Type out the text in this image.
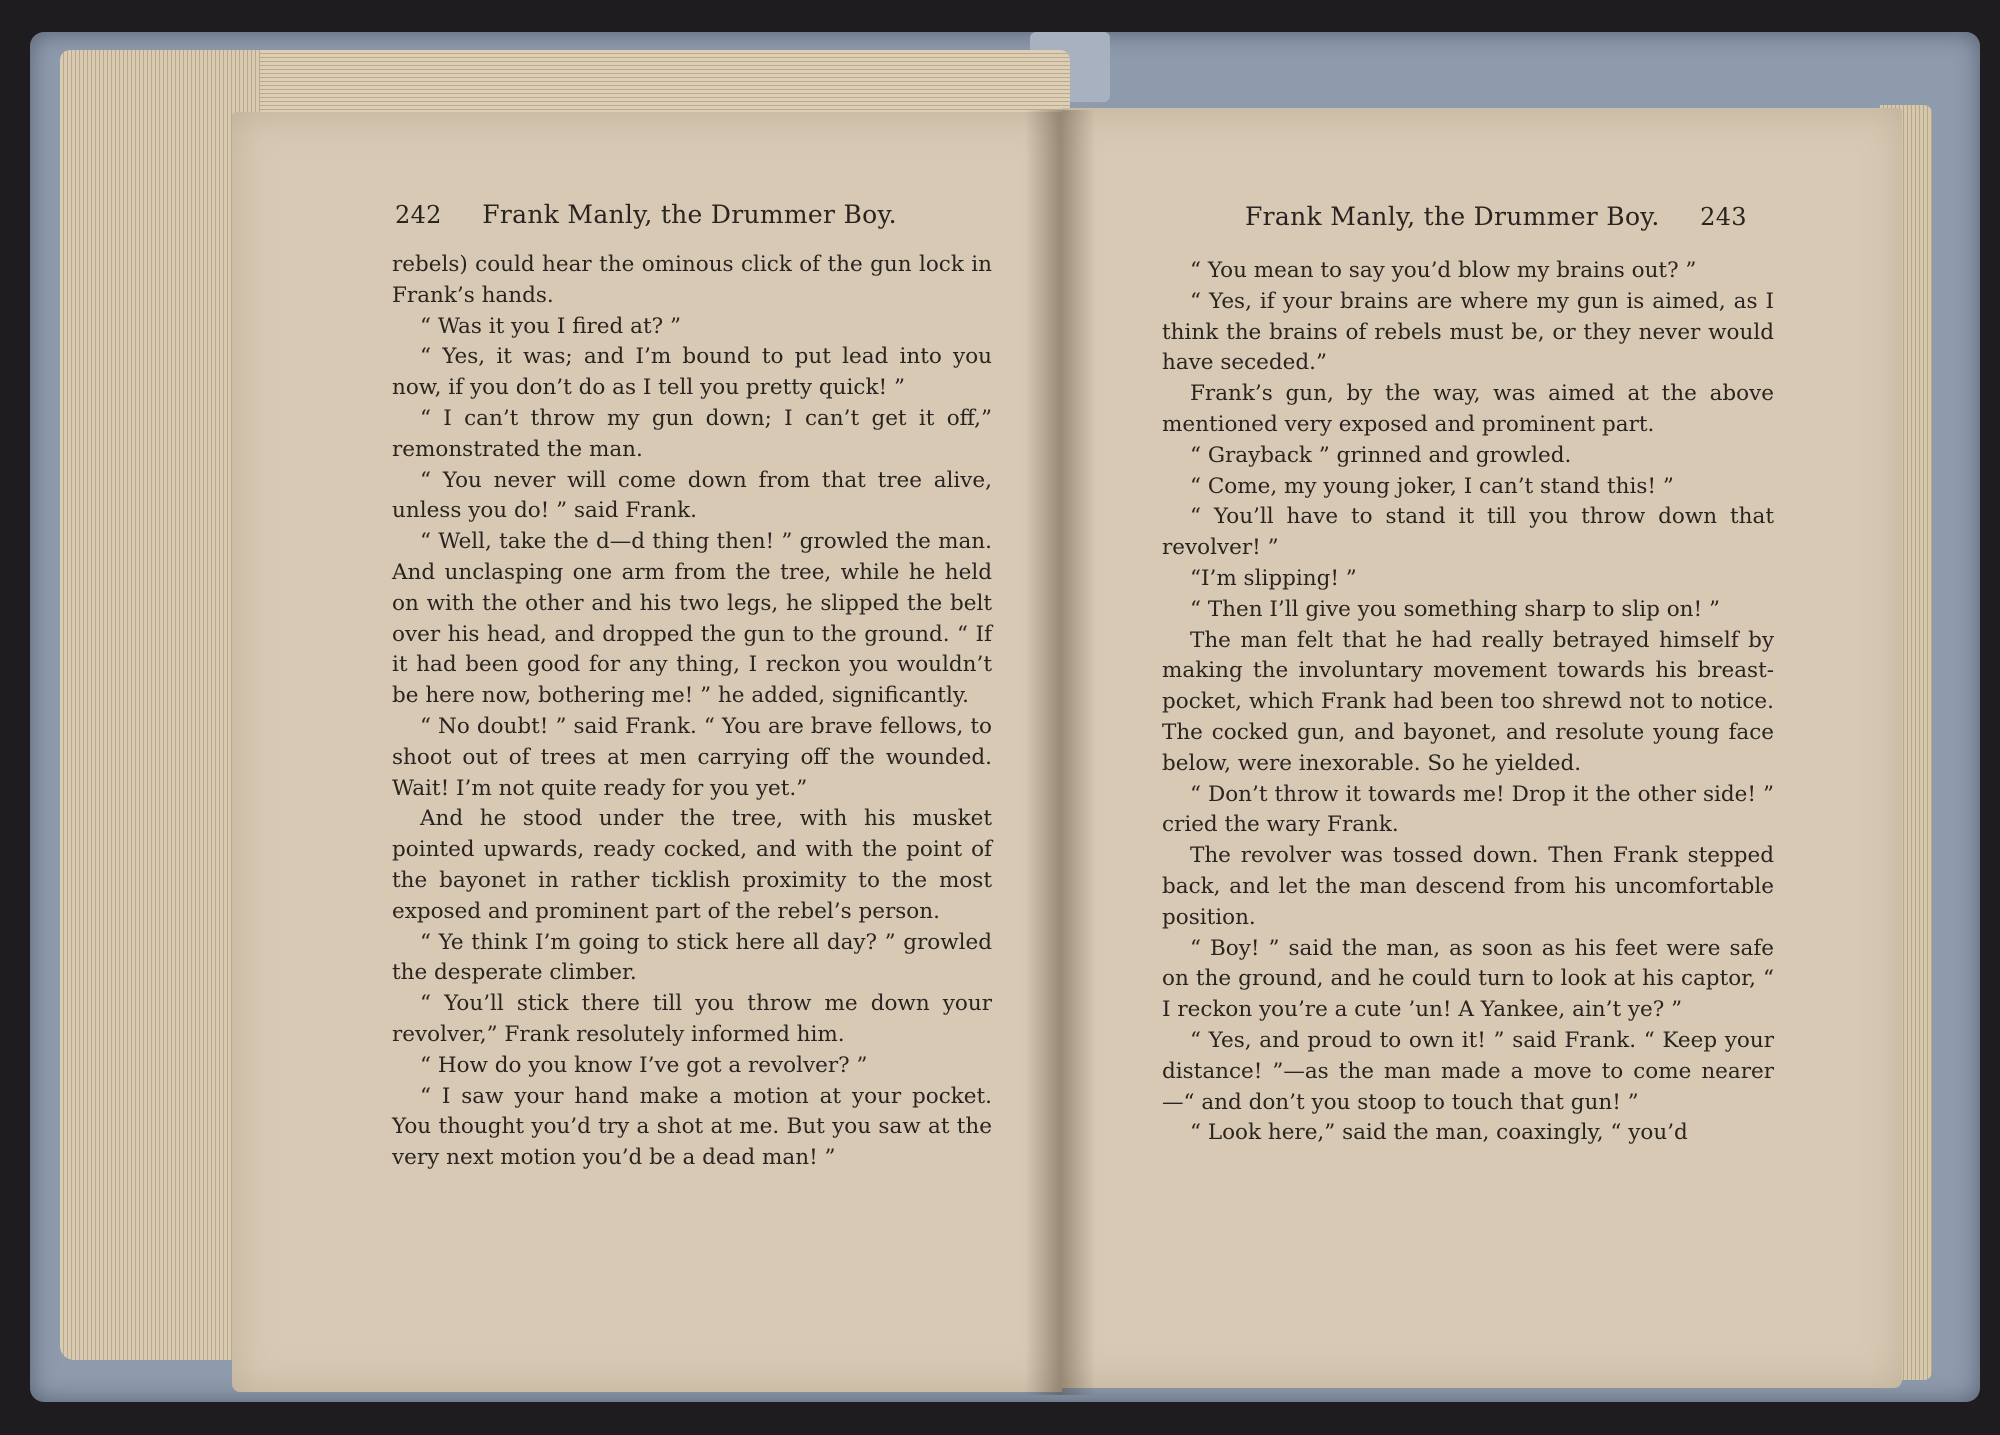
242 Frank Manly, the Drummer Boy.

rebels) could hear the ominous click of the gun lock in Frank’s hands.

“ Was it you I fired at? ”

“ Yes, it was; and I’m bound to put lead into you now, if you don’t do as I tell you pretty quick! ”

“ I can’t throw my gun down; I can’t get it off,” remonstrated the man.

“ You never will come down from that tree alive, unless you do! ” said Frank.

“ Well, take the d—d thing then! ” growled the man. And unclasping one arm from the tree, while he held on with the other and his two legs, he slipped the belt over his head, and dropped the gun to the ground. “ If it had been good for any thing, I reckon you wouldn’t be here now, bothering me! ” he added, significantly.

“ No doubt! ” said Frank. “ You are brave fellows, to shoot out of trees at men carrying off the wounded. Wait! I’m not quite ready for you yet.”

And he stood under the tree, with his musket pointed upwards, ready cocked, and with the point of the bayonet in rather ticklish proximity to the most exposed and prominent part of the rebel’s person.

“ Ye think I’m going to stick here all day? ” growled the desperate climber.

“ You’ll stick there till you throw me down your revolver,” Frank resolutely informed him.

“ How do you know I’ve got a revolver? ”

“ I saw your hand make a motion at your pocket. You thought you’d try a shot at me. But you saw at the very next motion you’d be a dead man! ”

Frank Manly, the Drummer Boy. 243

“ You mean to say you’d blow my brains out? ”

“ Yes, if your brains are where my gun is aimed, as I think the brains of rebels must be, or they never would have seceded.”

Frank’s gun, by the way, was aimed at the above mentioned very exposed and prominent part.

“ Grayback ” grinned and growled.

“ Come, my young joker, I can’t stand this! ”

“ You’ll have to stand it till you throw down that revolver! ”

“I’m slipping! ”

“ Then I’ll give you something sharp to slip on! ”

The man felt that he had really betrayed himself by making the involuntary movement towards his breast-pocket, which Frank had been too shrewd not to notice. The cocked gun, and bayonet, and resolute young face below, were inexorable. So he yielded.

“ Don’t throw it towards me! Drop it the other side! ” cried the wary Frank.

The revolver was tossed down. Then Frank stepped back, and let the man descend from his uncomfortable position.

“ Boy! ” said the man, as soon as his feet were safe on the ground, and he could turn to look at his captor, “ I reckon you’re a cute ’un! A Yankee, ain’t ye? ”

“ Yes, and proud to own it! ” said Frank. “ Keep your distance! ”—as the man made a move to come nearer—“ and don’t you stoop to touch that gun! ”

“ Look here,” said the man, coaxingly, “ you’d
